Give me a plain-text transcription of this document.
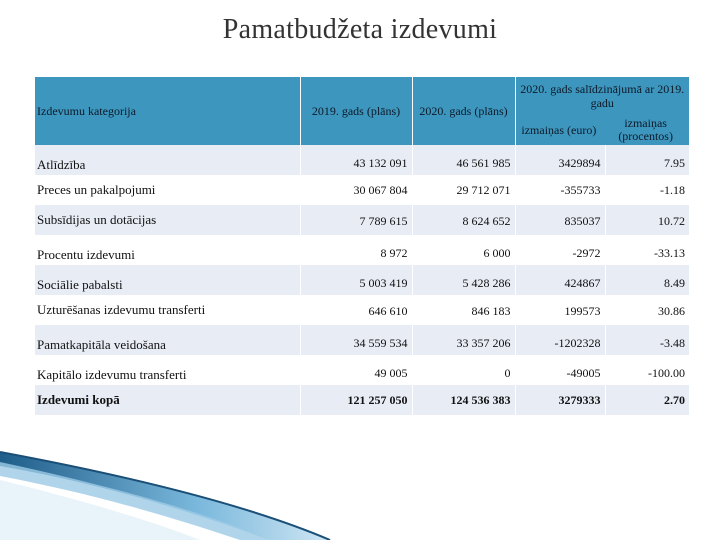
Pamatbudžeta izdevumi
Izdevumu kategorija	2019. gads (plāns)	2020. gads (plāns)	2020. gads salīdzinājumā ar 2019. gadu
izmaiņas (euro) izmaiņas (procentos)	

Atlīdzība	43 132 091	46 561 985	3429894	7.95
Preces un pakalpojumi	30 067 804	29 712 071	-355733	-1.18
Subsīdijas un dotācijas	7 789 615	8 624 652	835037	10.72
Procentu izdevumi	8 972	6 000	-2972	-33.13
Sociālie pabalsti	5 003 419	5 428 286	424867	8.49
Uzturēšanas izdevumu transferti	646 610	846 183	199573	30.86
Pamatkapitāla veidošana	34 559 534	33 357 206	-1202328	-3.48
Kapitālo izdevumu transferti	49 005	0	-49005	-100.00
Izdevumi kopā	121 257 050	124 536 383	3279333	2.70
